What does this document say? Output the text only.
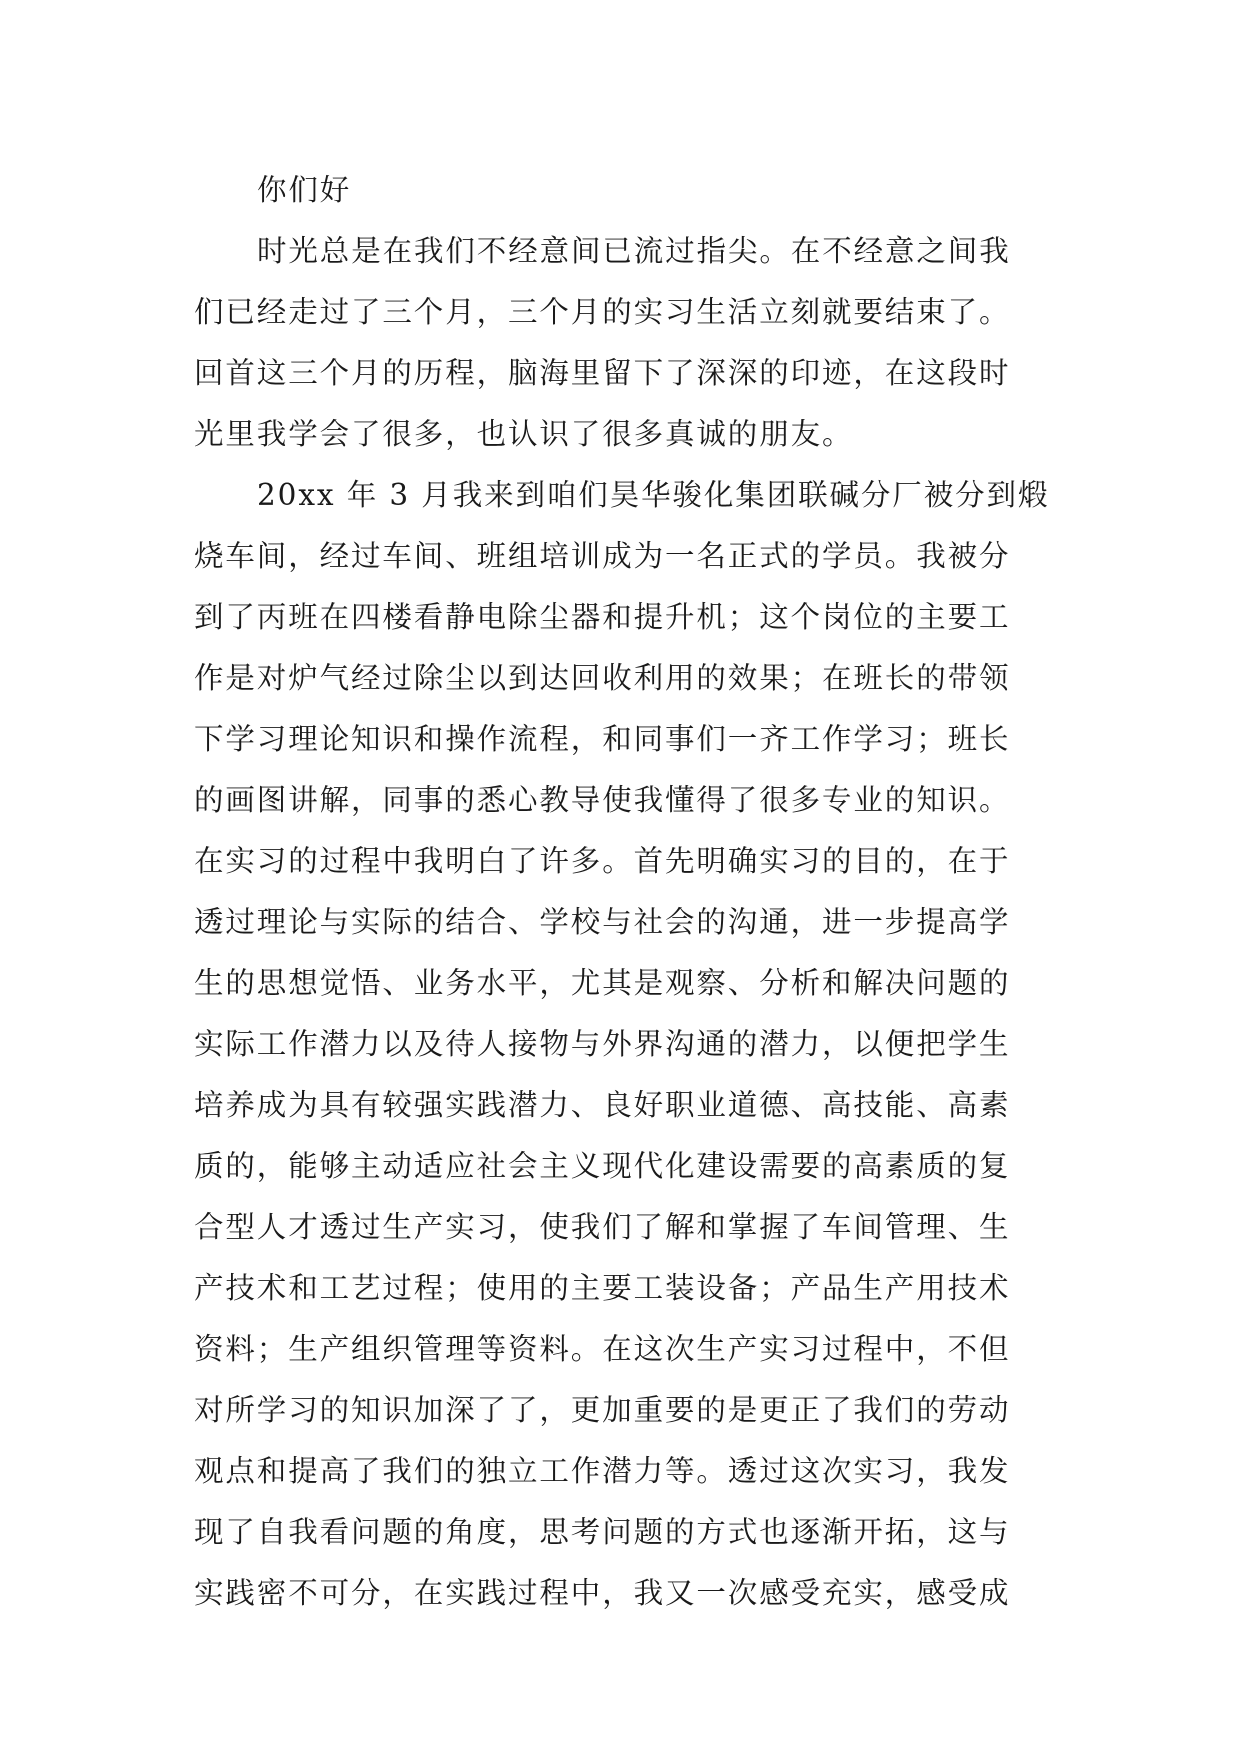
你们好
时光总是在我们不经意间已流过指尖。在不经意之间我
们已经走过了三个月，三个月的实习生活立刻就要结束了。
回首这三个月的历程，脑海里留下了深深的印迹，在这段时
光里我学会了很多，也认识了很多真诚的朋友。
20xx 年 3 月我来到咱们昊华骏化集团联碱分厂被分到煅
烧车间，经过车间、班组培训成为一名正式的学员。我被分
到了丙班在四楼看静电除尘器和提升机；这个岗位的主要工
作是对炉气经过除尘以到达回收利用的效果；在班长的带领
下学习理论知识和操作流程，和同事们一齐工作学习；班长
的画图讲解，同事的悉心教导使我懂得了很多专业的知识。
在实习的过程中我明白了许多。首先明确实习的目的，在于
透过理论与实际的结合、学校与社会的沟通，进一步提高学
生的思想觉悟、业务水平，尤其是观察、分析和解决问题的
实际工作潜力以及待人接物与外界沟通的潜力，以便把学生
培养成为具有较强实践潜力、良好职业道德、高技能、高素
质的，能够主动适应社会主义现代化建设需要的高素质的复
合型人才透过生产实习，使我们了解和掌握了车间管理、生
产技术和工艺过程；使用的主要工装设备；产品生产用技术
资料；生产组织管理等资料。在这次生产实习过程中，不但
对所学习的知识加深了了，更加重要的是更正了我们的劳动
观点和提高了我们的独立工作潜力等。透过这次实习，我发
现了自我看问题的角度，思考问题的方式也逐渐开拓，这与
实践密不可分，在实践过程中，我又一次感受充实，感受成
